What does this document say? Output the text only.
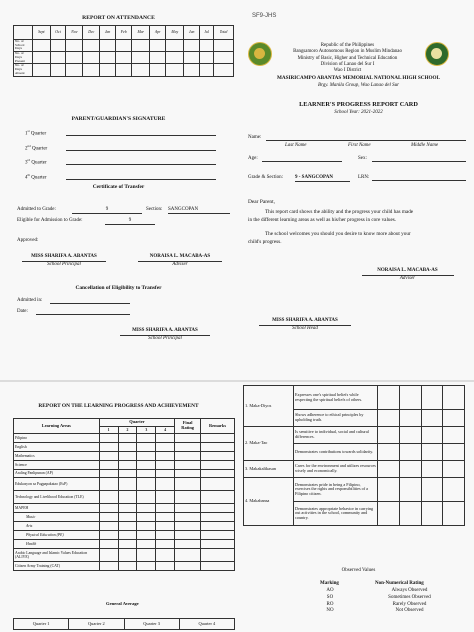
REPORT ON ATTENDANCE
	Sept	Oct	Nov	Dec	Jan	Feb	Mar	Apr	May	Jun	Jul	Total
No. of School Days												
No. of Days Present												
No. of Days Absent												
PARENT/GUARDIAN'S SIGNATURE
1st Quarter
2nd Quarter
3rd Quarter
4th Quarter
Certificate of Transfer
Admitted to Grade:	9	Section: SANGCOPAN
Eligible for Admission to Grade:	9
Approved:
MISS SHARIFA A. ABANTAS
School Principal
NORAISA L. MACABA-AS
Adviser
Cancellation of Eligibility to Transfer
Admitted in:
Date:
MISS SHARIFA A. ABANTAS
School Principal
SF9-JHS
Republic of the Philippines
Bangsamoro Autonomous Region in Muslim Mindanao
Ministry of Basic, Higher and Technical Education
Division of Lanao del Sur I
Wao I District
MASIRICAMPO ABANTAS MEMORIAL NATIONAL HIGH SCHOOL
Brgy. Manila Group, Wao Lanao del Sur
LEARNER'S PROGRESS REPORT CARD
School Year: 2021-2022
Name:
Last Name	First Name	Middle Name
Age:	Sex:
Grade & Section: 9 - SANGCOPAN	LRN:
Dear Parent,
This report card shows the ability and the progress your child has made
in the different learning areas as well as his/her progress in core values.
The school welcomes you should you desire to know more about your
child's progress.
NORAISA L. MACABA-AS
Adviser
MISS SHARIFA A. ABANTAS
School Head
REPORT ON THE LEARNING PROGRESS AND ACHIEVEMENT
Learning Areas	Quarter				Final Rating	Remarks
	1	2	3	4		
Filipino						
English						
Mathematics						
Science						
Araling Panlipunan (AP)						
Edukasyon sa Pagpapakatao (EsP)						
Technology and Livelihood Education (TLE)						
MAPEH						
Music						
Arts						
Physical Education (PE)						
Health						
Arabic Language and Islamic Values Education (ALIVE)						
Citizen Army Training (CAT)						
General Average
Quarter 1	Quarter 2	Quarter 3	Quarter 4
1. Maka-Diyos	Expresses one's spiritual beliefs while respecting the spiritual beliefs of others.				
	Shows adherence to ethical principles by upholding truth.				
2. Maka-Tao	Is sensitive to individual, social and cultural differences.				
	Demonstrates contributions towards solidarity.				
3. Makakalikasan	Cares for the environment and utilizes resources wisely and economically.				
4. Makabansa	Demonstrates pride in being a Filipino, exercises the rights and responsibilities of a Filipino citizen.				
	Demonstrates appropriate behavior in carrying out activities in the school, community and country.				
Observed Values
Marking	Non-Numerical Rating
AO	Always Observed
SO	Sometimes Observed
RO	Rarely Observed
NO	Not Observed
